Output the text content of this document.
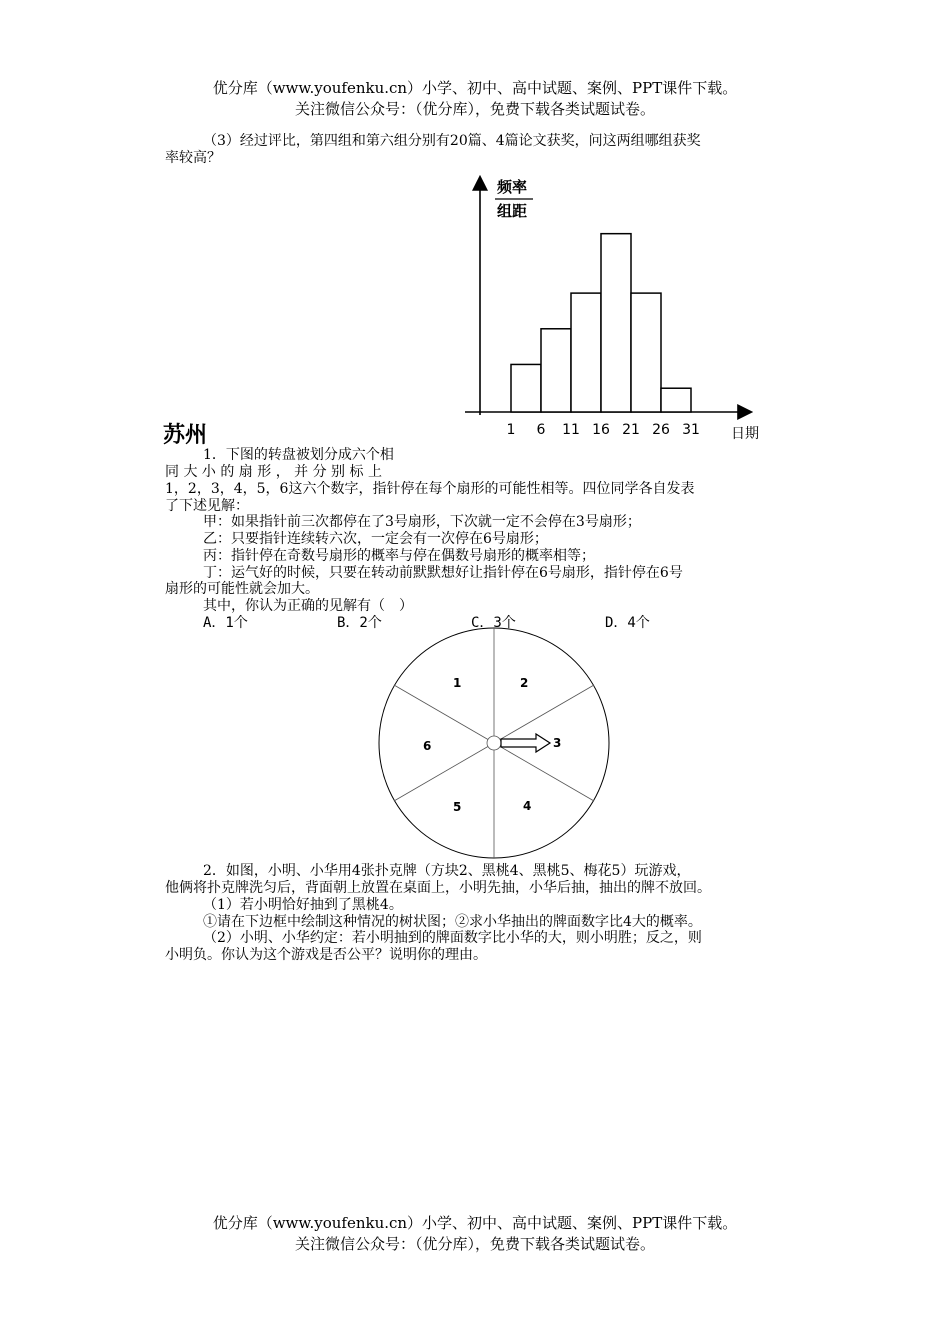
优分库（www.youfenku.cn）小学、初中、高中试题、案例、PPT课件下载。
关注微信公众号：（优分库），免费下载各类试题试卷。
（3）经过评比，第四组和第六组分别有20篇、4篇论文获奖，问这两组哪组获奖
率较高？
频率
组距
1 6 11 16 21 26 31 日期
苏州
1．下图的转盘被划分成六个相
同 大 小 的 扇 形 ， 并 分 别 标 上
1，2，3，4，5，6这六个数字，指针停在每个扇形的可能性相等。四位同学各自发表
了下述见解：
甲：如果指针前三次都停在了3号扇形，下次就一定不会停在3号扇形；
乙：只要指针连续转六次，一定会有一次停在6号扇形；
丙：指针停在奇数号扇形的概率与停在偶数号扇形的概率相等；
丁：运气好的时候，只要在转动前默默想好让指针停在6号扇形，指针停在6号
扇形的可能性就会加大。
其中，你认为正确的见解有（　）
A．1个	B．2个	C．3个	D．4个
1	2
3
4
5
6
2．如图，小明、小华用4张扑克牌（方块2、黑桃4、黑桃5、梅花5）玩游戏，
他俩将扑克牌洗匀后，背面朝上放置在桌面上，小明先抽，小华后抽，抽出的牌不放回。
（1）若小明恰好抽到了黑桃4。
①请在下边框中绘制这种情况的树状图；②求小华抽出的牌面数字比4大的概率。
（2）小明、小华约定：若小明抽到的牌面数字比小华的大，则小明胜；反之，则
小明负。你认为这个游戏是否公平？说明你的理由。
优分库（www.youfenku.cn）小学、初中、高中试题、案例、PPT课件下载。
关注微信公众号：（优分库），免费下载各类试题试卷。
